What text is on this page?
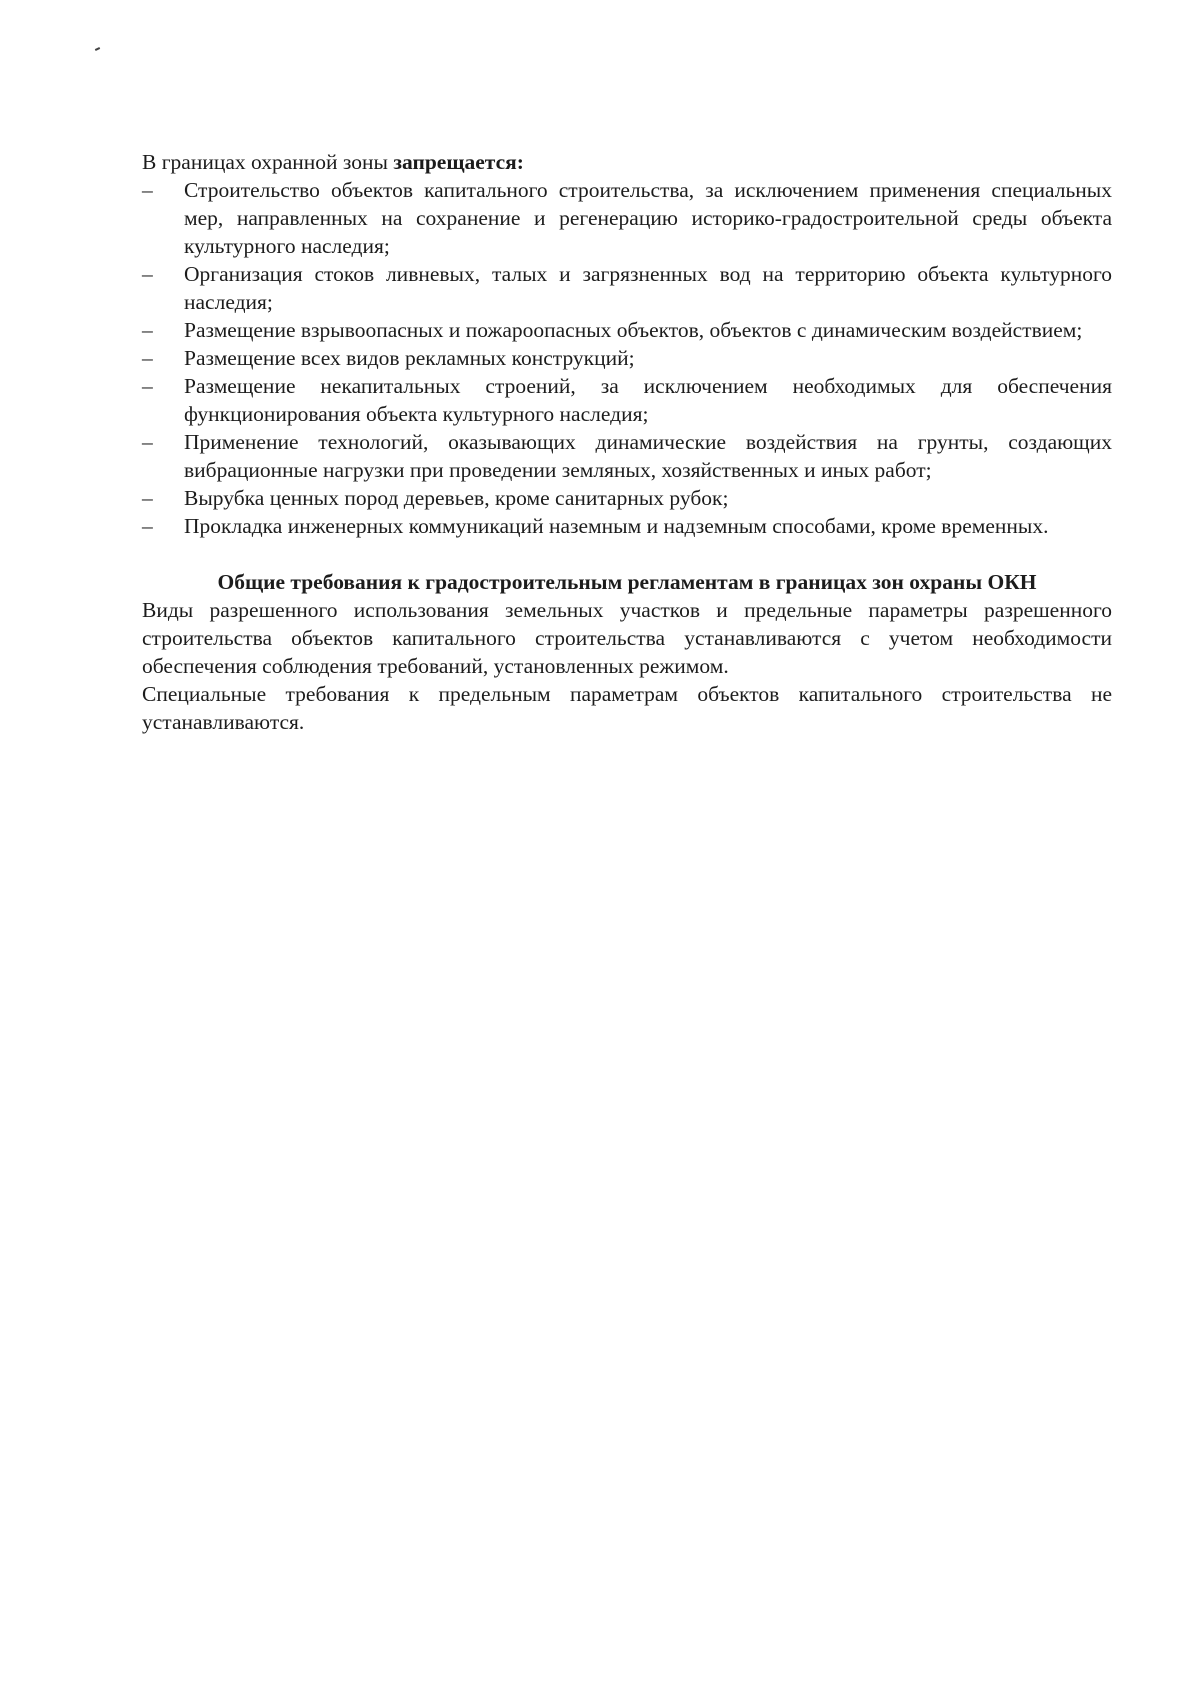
В границах охранной зоны запрещается:

– Строительство объектов капитального строительства, за исключением применения специальных мер, направленных на сохранение и регенерацию историко-градостроительной среды объекта культурного наследия;
– Организация стоков ливневых, талых и загрязненных вод на территорию объекта культурного наследия;
– Размещение взрывоопасных и пожароопасных объектов, объектов с динамическим воздействием;
– Размещение всех видов рекламных конструкций;
– Размещение некапитальных строений, за исключением необходимых для обеспечения функционирования объекта культурного наследия;
– Применение технологий, оказывающих динамические воздействия на грунты, создающих вибрационные нагрузки при проведении земляных, хозяйственных и иных работ;
– Вырубка ценных пород деревьев, кроме санитарных рубок;
– Прокладка инженерных коммуникаций наземным и надземным способами, кроме временных.

Общие требования к градостроительным регламентам в границах зон охраны ОКН

Виды разрешенного использования земельных участков и предельные параметры разрешенного строительства объектов капитального строительства устанавливаются с учетом необходимости обеспечения соблюдения требований, установленных режимом.

Специальные требования к предельным параметрам объектов капитального строительства не устанавливаются.
